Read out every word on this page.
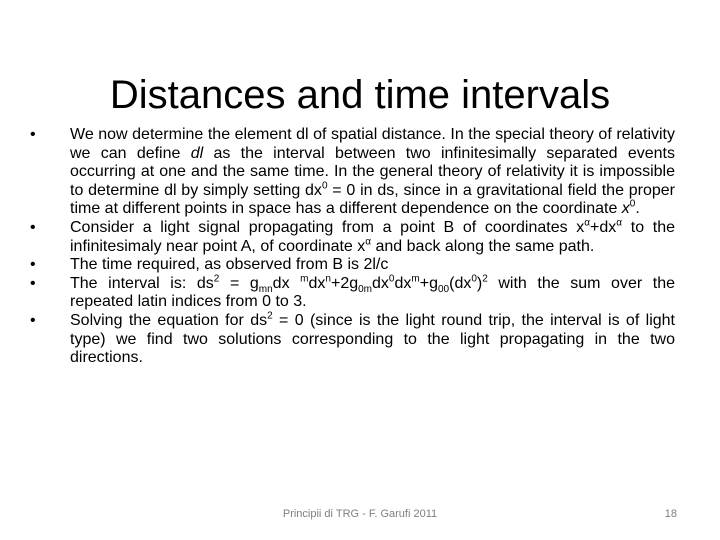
Distances and time intervals
• We now determine the element dl of spatial distance. In the special theory of relativity we can define dl as the interval between two infinitesimally separated events occurring at one and the same time. In the general theory of relativity it is impossible to determine dl by simply setting $dx^0 = 0$ in ds, since in a gravitational field the proper time at different points in space has a different dependence on the coordinate $x^0$.
• Consider a light signal propagating from a point B of coordinates $x^\alpha+dx^\alpha$ to the infinitesimaly near point A, of coordinate $x^\alpha$ and back along the same path.
• The time required, as observed from B is 2l/c
• The interval is: $ds^2 = g_{mn}dx$ $^mdx^n+2g_{0m}dx^0dx^m+g_{00}(dx^0)^2$ with the sum over the repeated latin indices from 0 to 3.
• Solving the equation for $ds^2 = 0$ (since is the light round trip, the interval is of light type) we find two solutions corresponding to the light propagating in the two directions.
Principii di TRG - F. Garufi 2011	18
